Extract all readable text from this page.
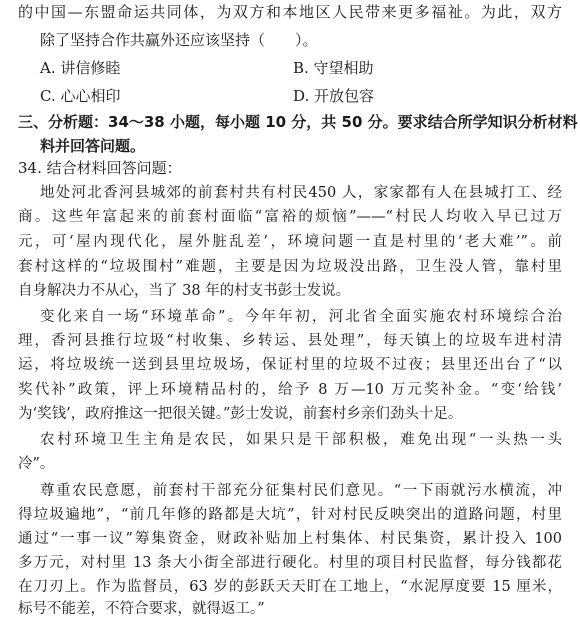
的中国—东盟命运共同体，为双方和本地区人民带来更多福祉。为此，双方
除了坚持合作共赢外还应该坚持（　　）。
A. 讲信修睦	B. 守望相助
C. 心心相印	D. 开放包容
三、分析题：34～38 小题，每小题 10 分，共 50 分。要求结合所学知识分析材料
料并回答问题。
34. 结合材料回答问题：
地处河北香河县城郊的前套村共有村民450 人，家家都有人在县城打工、经
商。这些年富起来的前套村面临“富裕的烦恼”——“村民人均收入早已过万
元，可‘屋内现代化，屋外脏乱差’，环境问题一直是村里的‘老大难’”。前
套村这样的“垃圾围村”难题，主要是因为垃圾没出路，卫生没人管，靠村里
自身解决力不从心，当了 38 年的村支书彭士发说。
变化来自一场“环境革命”。今年年初，河北省全面实施农村环境综合治
理，香河县推行垃圾“村收集、乡转运、县处理”，每天镇上的垃圾车进村清
运，将垃圾统一送到县里垃圾场，保证村里的垃圾不过夜；县里还出台了“以
奖代补”政策，评上环境精品村的，给予 8 万—10 万元奖补金。“变‘给钱’
为‘奖钱’，政府推这一把很关键。”彭士发说，前套村乡亲们劲头十足。
农村环境卫生主角是农民，如果只是干部积极，难免出现“一头热一头
冷”。
尊重农民意愿，前套村干部充分征集村民们意见。“一下雨就污水横流，冲
得垃圾遍地”，“前几年修的路都是大坑”，针对村民反映突出的道路问题，村里
通过“一事一议”筹集资金，财政补贴加上村集体、村民集资，累计投入 100
多万元，对村里 13 条大小街全部进行硬化。村里的项目村民监督，每分钱都花
在刀刃上。作为监督员，63 岁的彭跃天天盯在工地上，“水泥厚度要 15 厘米，
标号不能差，不符合要求，就得返工。”
